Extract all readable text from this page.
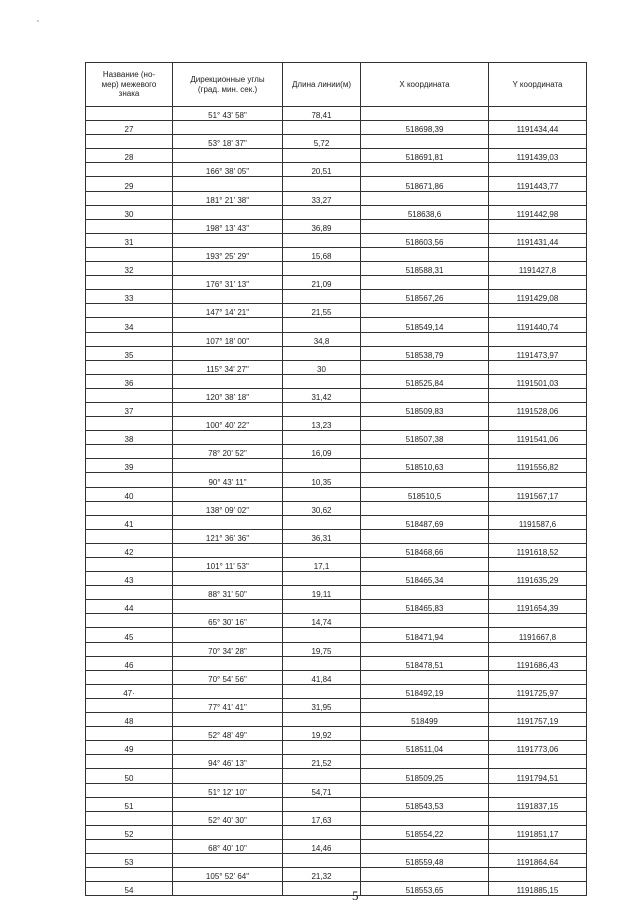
Название (но-
мер) межевого
знака	Дирекционные углы
(град. мин. сек.)	Длина линии(м)	Х координата	Y координата
	51° 43' 58"	78,41		
27			518698,39	1191434,44
	53° 18' 37"	5,72		
28			518691,81	1191439,03
	166° 38' 05"	20,51		
29			518671,86	1191443,77
	181° 21' 38"	33,27		
30			518638,6	1191442,98
	198° 13' 43"	36,89		
31			518603,56	1191431,44
	193° 25' 29"	15,68		
32			518588,31	1191427,8
	176° 31' 13"	21,09		
33			518567,26	1191429,08
	147° 14' 21"	21,55		
34			518549,14	1191440,74
	107° 18' 00"	34,8		
35			518538,79	1191473,97
	115° 34' 27"	30		
36			518525,84	1191501,03
	120° 38' 18"	31,42		
37			518509,83	1191528,06
	100° 40' 22"	13,23		
38			518507,38	1191541,06
	78° 20' 52"	16,09		
39			518510,63	1191556,82
	90° 43' 11"	10,35		
40			518510,5	1191567,17
	138° 09' 02"	30,62		
41			518487,69	1191587,6
	121° 36' 36"	36,31		
42			518468,66	1191618,52
	101° 11' 53"	17,1		
43			518465,34	1191635,29
	88° 31' 50"	19,11		
44			518465,83	1191654,39
	65° 30' 16"	14,74		
45			518471,94	1191667,8
	70° 34' 28"	19,75		
46			518478,51	1191686,43
	70° 54' 56"	41,84		
47·			518492,19	1191725,97
	77° 41' 41"	31,95		
48			518499	1191757,19
	52° 48' 49"	19,92		
49			518511,04	1191773,06
	94° 46' 13"	21,52		
50			518509,25	1191794,51
	51° 12' 10"	54,71		
51			518543,53	1191837,15
	52° 40' 30"	17,63		
52			518554,22	1191851,17
	68° 40' 10"	14,46		
53			518559,48	1191864,64
	105° 52' 64"	21,32		
54			518553,65	1191885,15
5
